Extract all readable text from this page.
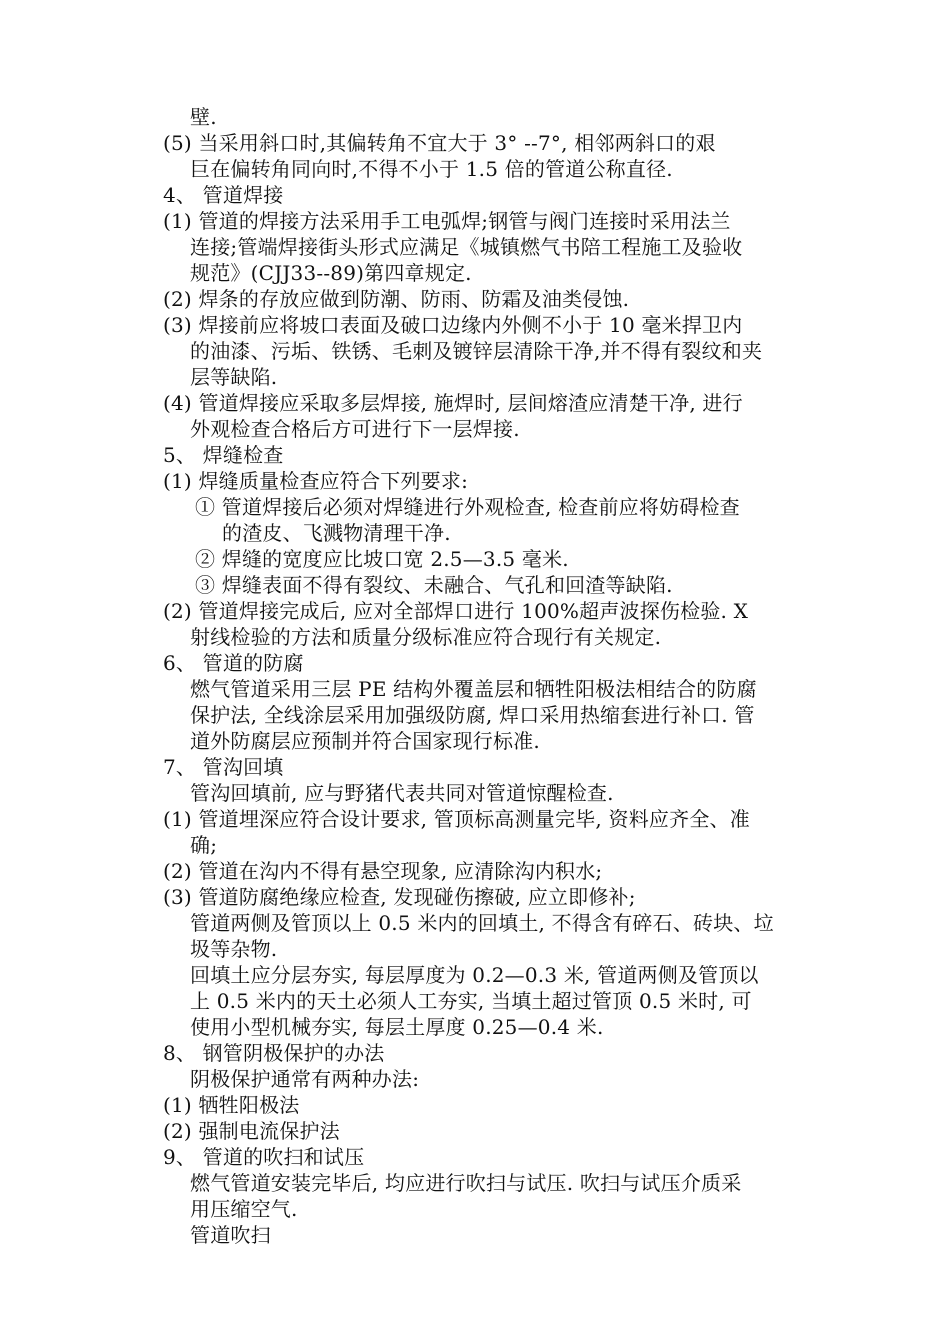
壁.
(5) 当采用斜口时,其偏转角不宜大于 3° --7°, 相邻两斜口的艰
巨在偏转角同向时,不得不小于 1.5 倍的管道公称直径.
4、 管道焊接
(1) 管道的焊接方法采用手工电弧焊;钢管与阀门连接时采用法兰
连接;管端焊接街头形式应满足《城镇燃气书陪工程施工及验收
规范》(CJJ33--89)第四章规定.
(2) 焊条的存放应做到防潮、防雨、防霜及油类侵蚀.
(3) 焊接前应将坡口表面及破口边缘内外侧不小于 10 毫米捍卫内
的油漆、污垢、铁锈、毛刺及镀锌层清除干净,并不得有裂纹和夹
层等缺陷.
(4) 管道焊接应采取多层焊接, 施焊时, 层间熔渣应清楚干净, 进行
外观检查合格后方可进行下一层焊接.
5、 焊缝检查
(1) 焊缝质量检查应符合下列要求:
① 管道焊接后必须对焊缝进行外观检查, 检查前应将妨碍检查
的渣皮、飞溅物清理干净.
② 焊缝的宽度应比坡口宽 2.5—3.5 毫米.
③ 焊缝表面不得有裂纹、未融合、气孔和回渣等缺陷.
(2) 管道焊接完成后, 应对全部焊口进行 100%超声波探伤检验. X
射线检验的方法和质量分级标准应符合现行有关规定.
6、 管道的防腐
燃气管道采用三层 PE 结构外覆盖层和牺牲阳极法相结合的防腐
保护法, 全线涂层采用加强级防腐, 焊口采用热缩套进行补口. 管
道外防腐层应预制并符合国家现行标准.
7、 管沟回填
管沟回填前, 应与野猪代表共同对管道惊醒检查.
(1) 管道埋深应符合设计要求, 管顶标高测量完毕, 资料应齐全、准
确;
(2) 管道在沟内不得有悬空现象, 应清除沟内积水;
(3) 管道防腐绝缘应检查, 发现碰伤擦破, 应立即修补;
管道两侧及管顶以上 0.5 米内的回填土, 不得含有碎石、砖块、垃
圾等杂物.
回填土应分层夯实, 每层厚度为 0.2—0.3 米, 管道两侧及管顶以
上 0.5 米内的天土必须人工夯实, 当填土超过管顶 0.5 米时, 可
使用小型机械夯实, 每层土厚度 0.25—0.4 米.
8、 钢管阴极保护的办法
阴极保护通常有两种办法:
(1) 牺牲阳极法
(2) 强制电流保护法
9、 管道的吹扫和试压
燃气管道安装完毕后, 均应进行吹扫与试压. 吹扫与试压介质采
用压缩空气.
管道吹扫
